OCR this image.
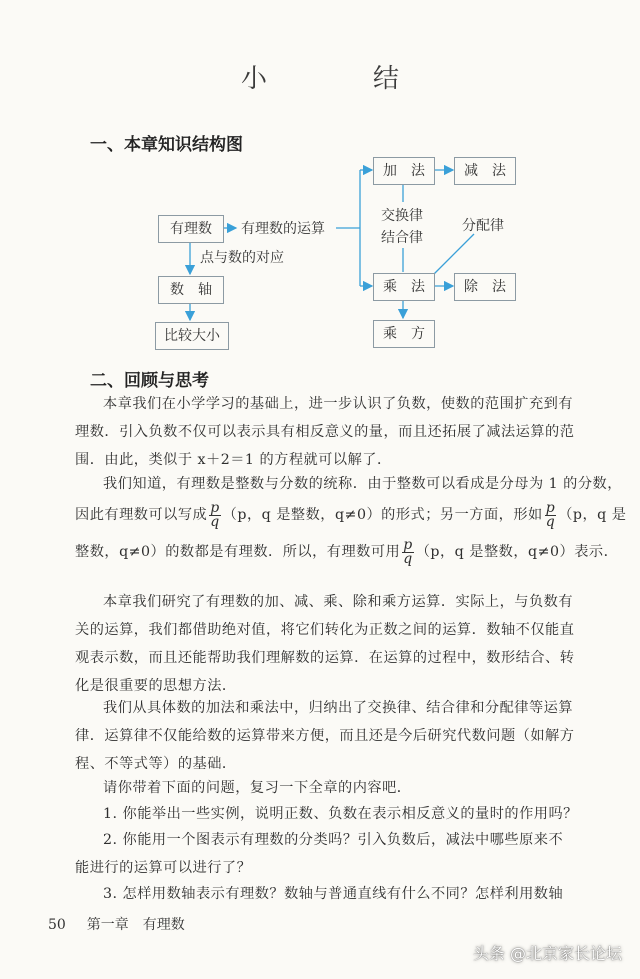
小　结
一、本章知识结构图
有理数	有理数的运算
点与数的对应
数　轴
比较大小
加　法	减　法
交换律
结合律
分配律
乘　法	除　法
乘　方
二、回顾与思考

本章我们在小学学习的基础上，进一步认识了负数，使数的范围扩充到有
理数．引入负数不仅可以表示具有相反意义的量，而且还拓展了减法运算的范
围．由此，类似于 x＋2＝1 的方程就可以解了．

我们知道，有理数是整数与分数的统称．由于整数可以看成是分母为 1 的分数，
因此有理数可以写成 $\frac{p}{q} (p$，q 是整数，q≠0）的形式；另一方面，形如 $\frac{p}{q} (p$，q 是
整数，q≠0）的数都是有理数．所以，有理数可用 $\frac{p}{q} (p$，q 是整数，q≠0）表示．

本章我们研究了有理数的加、减、乘、除和乘方运算．实际上，与负数有
关的运算，我们都借助绝对值，将它们转化为正数之间的运算．数轴不仅能直
观表示数，而且还能帮助我们理解数的运算．在运算的过程中，数形结合、转
化是很重要的思想方法．

我们从具体数的加法和乘法中，归纳出了交换律、结合律和分配律等运算
律．运算律不仅能给数的运算带来方便，而且还是今后研究代数问题（如解方
程、不等式等）的基础．

请你带着下面的问题，复习一下全章的内容吧．

1. 你能举出一些实例，说明正数、负数在表示相反意义的量时的作用吗？

2. 你能用一个图表示有理数的分类吗？引入负数后，减法中哪些原来不
能进行的运算可以进行了？

3. 怎样用数轴表示有理数？数轴与普通直线有什么不同？怎样利用数轴

50 第一章　有理数
头条 @北京家长论坛
